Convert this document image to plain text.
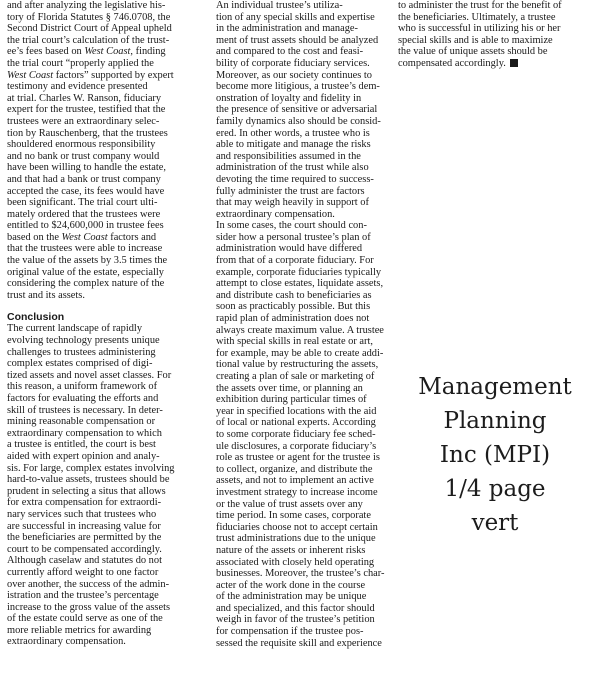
and after analyzing the legislative his-
tory of Florida Statutes § 746.0708, the
Second District Court of Appeal upheld
the trial court’s calculation of the trust-
ee’s fees based on West Coast, finding
the trial court “properly applied the
West Coast factors” supported by expert
testimony and evidence presented
at trial. Charles W. Ranson, fiduciary
expert for the trustee, testified that the
trustees were an extraordinary selec-
tion by Rauschenberg, that the trustees
shouldered enormous responsibility
and no bank or trust company would
have been willing to handle the estate,
and that had a bank or trust company
accepted the case, its fees would have
been significant. The trial court ulti-
mately ordered that the trustees were
entitled to $24,600,000 in trustee fees
based on the West Coast factors and
that the trustees were able to increase
the value of the assets by 3.5 times the
original value of the estate, especially
considering the complex nature of the
trust and its assets.

Conclusion

The current landscape of rapidly
evolving technology presents unique
challenges to trustees administering
complex estates comprised of digi-
tized assets and novel asset classes. For
this reason, a uniform framework of
factors for evaluating the efforts and
skill of trustees is necessary. In deter-
mining reasonable compensation or
extraordinary compensation to which
a trustee is entitled, the court is best
aided with expert opinion and analy-
sis. For large, complex estates involving
hard-to-value assets, trustees should be
prudent in selecting a situs that allows
for extra compensation for extraordi-
nary services such that trustees who
are successful in increasing value for
the beneficiaries are permitted by the
court to be compensated accordingly.
Although caselaw and statutes do not
currently afford weight to one factor
over another, the success of the admin-
istration and the trustee’s percentage
increase to the gross value of the assets
of the estate could serve as one of the
more reliable metrics for awarding
extraordinary compensation.

An individual trustee’s utiliza-
tion of any special skills and expertise
in the administration and manage-
ment of trust assets should be analyzed
and compared to the cost and feasi-
bility of corporate fiduciary services.
Moreover, as our society continues to
become more litigious, a trustee’s dem-
onstration of loyalty and fidelity in
the presence of sensitive or adversarial
family dynamics also should be consid-
ered. In other words, a trustee who is
able to mitigate and manage the risks
and responsibilities assumed in the
administration of the trust while also
devoting the time required to success-
fully administer the trust are factors
that may weigh heavily in support of
extraordinary compensation.

In some cases, the court should con-
sider how a personal trustee’s plan of
administration would have differed
from that of a corporate fiduciary. For
example, corporate fiduciaries typically
attempt to close estates, liquidate assets,
and distribute cash to beneficiaries as
soon as practicably possible. But this
rapid plan of administration does not
always create maximum value. A trustee
with special skills in real estate or art,
for example, may be able to create addi-
tional value by restructuring the assets,
creating a plan of sale or marketing of
the assets over time, or planning an
exhibition during particular times of
year in specified locations with the aid
of local or national experts. According
to some corporate fiduciary fee sched-
ule disclosures, a corporate fiduciary’s
role as trustee or agent for the trustee is
to collect, organize, and distribute the
assets, and not to implement an active
investment strategy to increase income
or the value of trust assets over any
time period. In some cases, corporate
fiduciaries choose not to accept certain
trust administrations due to the unique
nature of the assets or inherent risks
associated with closely held operating
businesses. Moreover, the trustee’s char-
acter of the work done in the course
of the administration may be unique
and specialized, and this factor should
weigh in favor of the trustee’s petition
for compensation if the trustee pos-
sessed the requisite skill and experience

to administer the trust for the benefit of
the beneficiaries. Ultimately, a trustee
who is successful in utilizing his or her
special skills and is able to maximize
the value of unique assets should be
compensated accordingly.

Management
Planning
Inc (MPI)
1/4 page
vert
